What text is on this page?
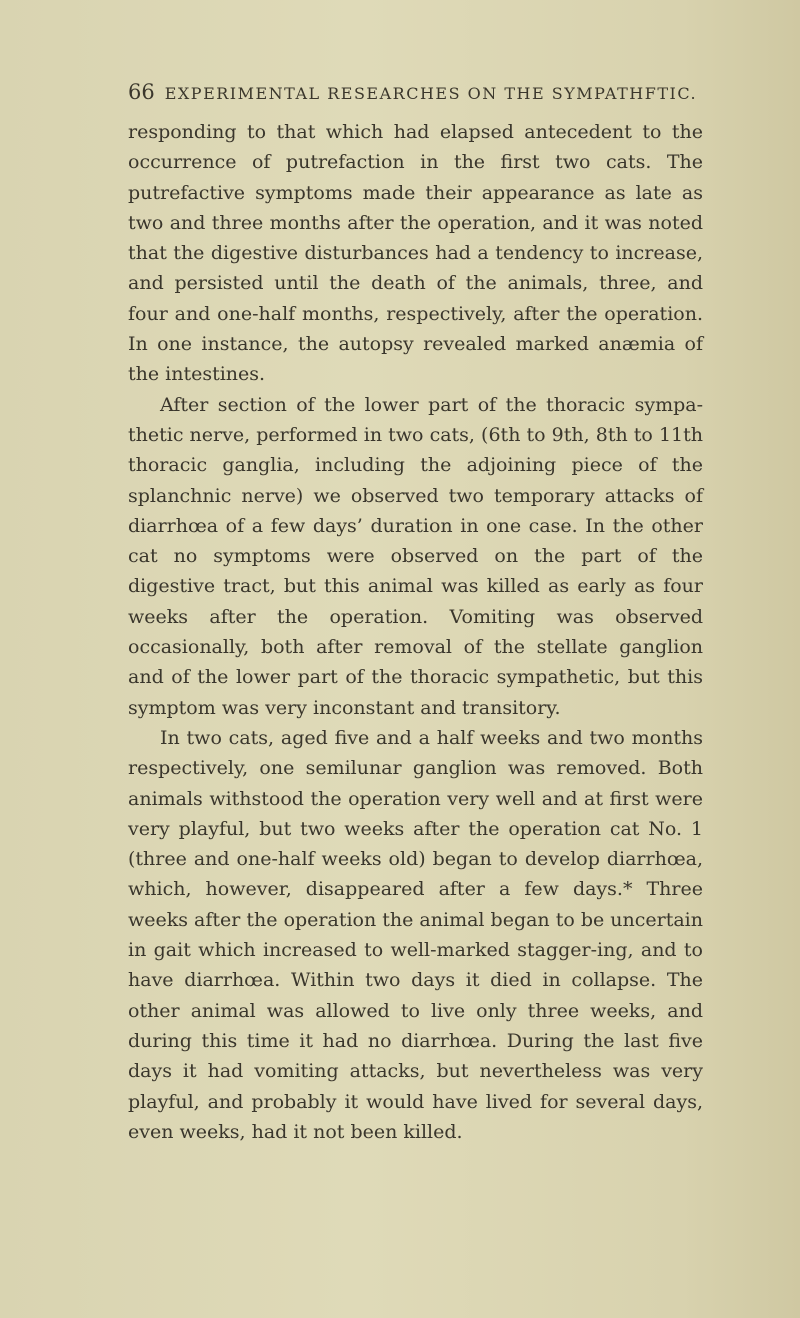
66 EXPERIMENTAL RESEARCHES ON THE SYMPATHFTIC.

responding to that which had elapsed antecedent to the occurrence of putrefaction in the first two cats. The putrefactive symptoms made their appearance as late as two and three months after the operation, and it was noted that the digestive disturbances had a tendency to increase, and persisted until the death of the animals, three, and four and one-half months, respectively, after the operation. In one instance, the autopsy revealed marked anæmia of the intestines.

After section of the lower part of the thoracic sympa-thetic nerve, performed in two cats, (6th to 9th, 8th to 11th thoracic ganglia, including the adjoining piece of the splanchnic nerve) we observed two temporary attacks of diarrhœa of a few days’ duration in one case. In the other cat no symptoms were observed on the part of the digestive tract, but this animal was killed as early as four weeks after the operation. Vomiting was observed occasionally, both after removal of the stellate ganglion and of the lower part of the thoracic sympathetic, but this symptom was very inconstant and transitory.

In two cats, aged five and a half weeks and two months respectively, one semilunar ganglion was removed. Both animals withstood the operation very well and at first were very playful, but two weeks after the operation cat No. 1 (three and one-half weeks old) began to develop diarrhœa, which, however, disappeared after a few days.* Three weeks after the operation the animal began to be uncertain in gait which increased to well-marked stagger-ing, and to have diarrhœa. Within two days it died in collapse. The other animal was allowed to live only three weeks, and during this time it had no diarrhœa. During the last five days it had vomiting attacks, but nevertheless was very playful, and probably it would have lived for several days, even weeks, had it not been killed.
